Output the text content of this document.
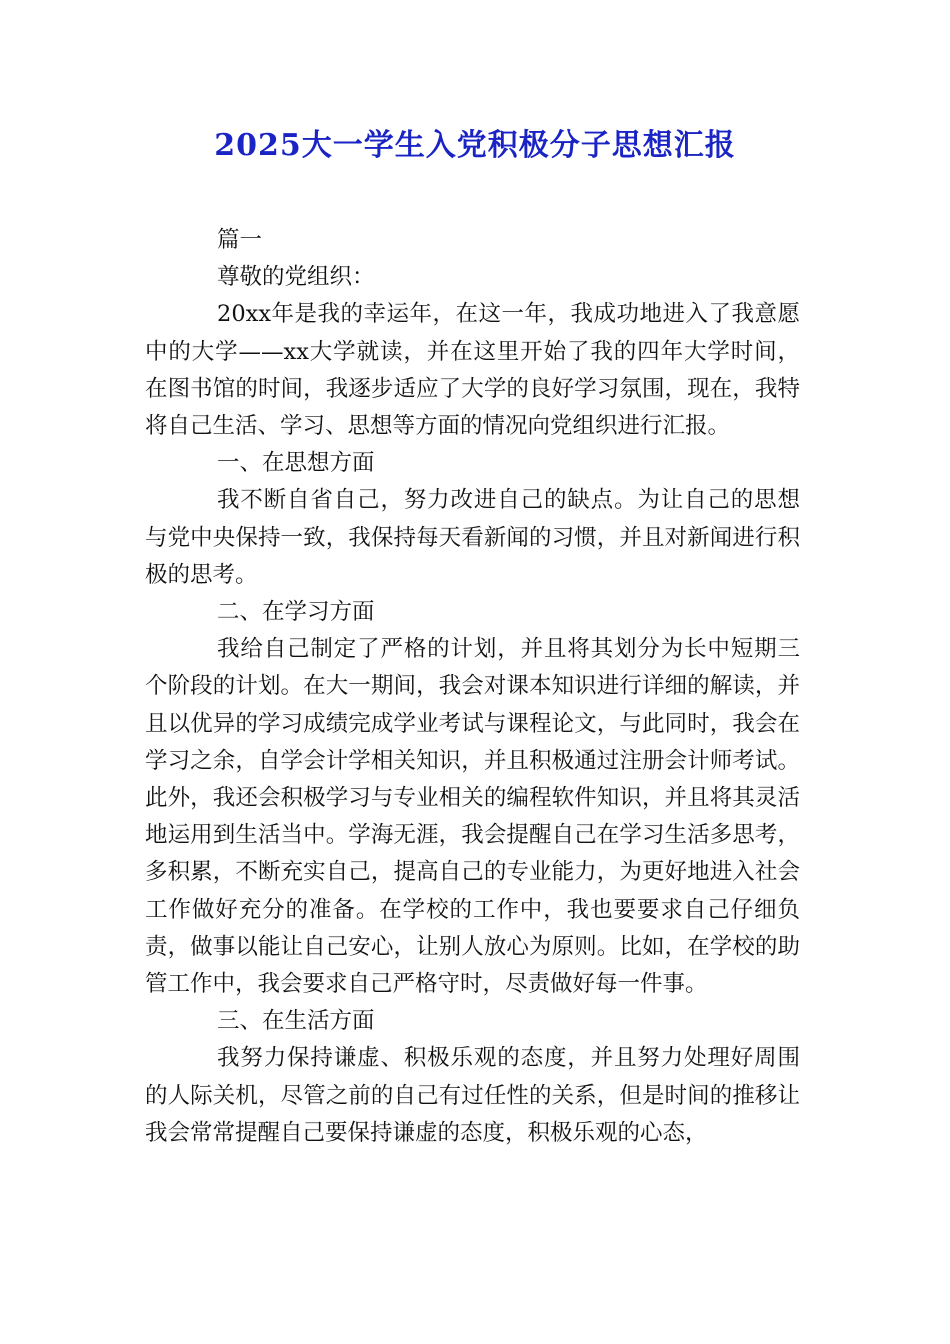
2025大一学生入党积极分子思想汇报

篇一

尊敬的党组织：

20xx年是我的幸运年，在这一年，我成功地进入了我意愿中的大学——xx大学就读，并在这里开始了我的四年大学时间，在图书馆的时间，我逐步适应了大学的良好学习氛围，现在，我特将自己生活、学习、思想等方面的情况向党组织进行汇报。

一、在思想方面

我不断自省自己，努力改进自己的缺点。为让自己的思想与党中央保持一致，我保持每天看新闻的习惯，并且对新闻进行积极的思考。

二、在学习方面

我给自己制定了严格的计划，并且将其划分为长中短期三个阶段的计划。在大一期间，我会对课本知识进行详细的解读，并且以优异的学习成绩完成学业考试与课程论文，与此同时，我会在学习之余，自学会计学相关知识，并且积极通过注册会计师考试。此外，我还会积极学习与专业相关的编程软件知识，并且将其灵活地运用到生活当中。学海无涯，我会提醒自己在学习生活多思考，多积累，不断充实自己，提高自己的专业能力，为更好地进入社会工作做好充分的准备。在学校的工作中，我也要要求自己仔细负责，做事以能让自己安心，让别人放心为原则。比如，在学校的助管工作中，我会要求自己严格守时，尽责做好每一件事。

三、在生活方面

我努力保持谦虚、积极乐观的态度，并且努力处理好周围的人际关机，尽管之前的自己有过任性的关系，但是时间的推移让我会常常提醒自己要保持谦虚的态度，积极乐观的心态，
